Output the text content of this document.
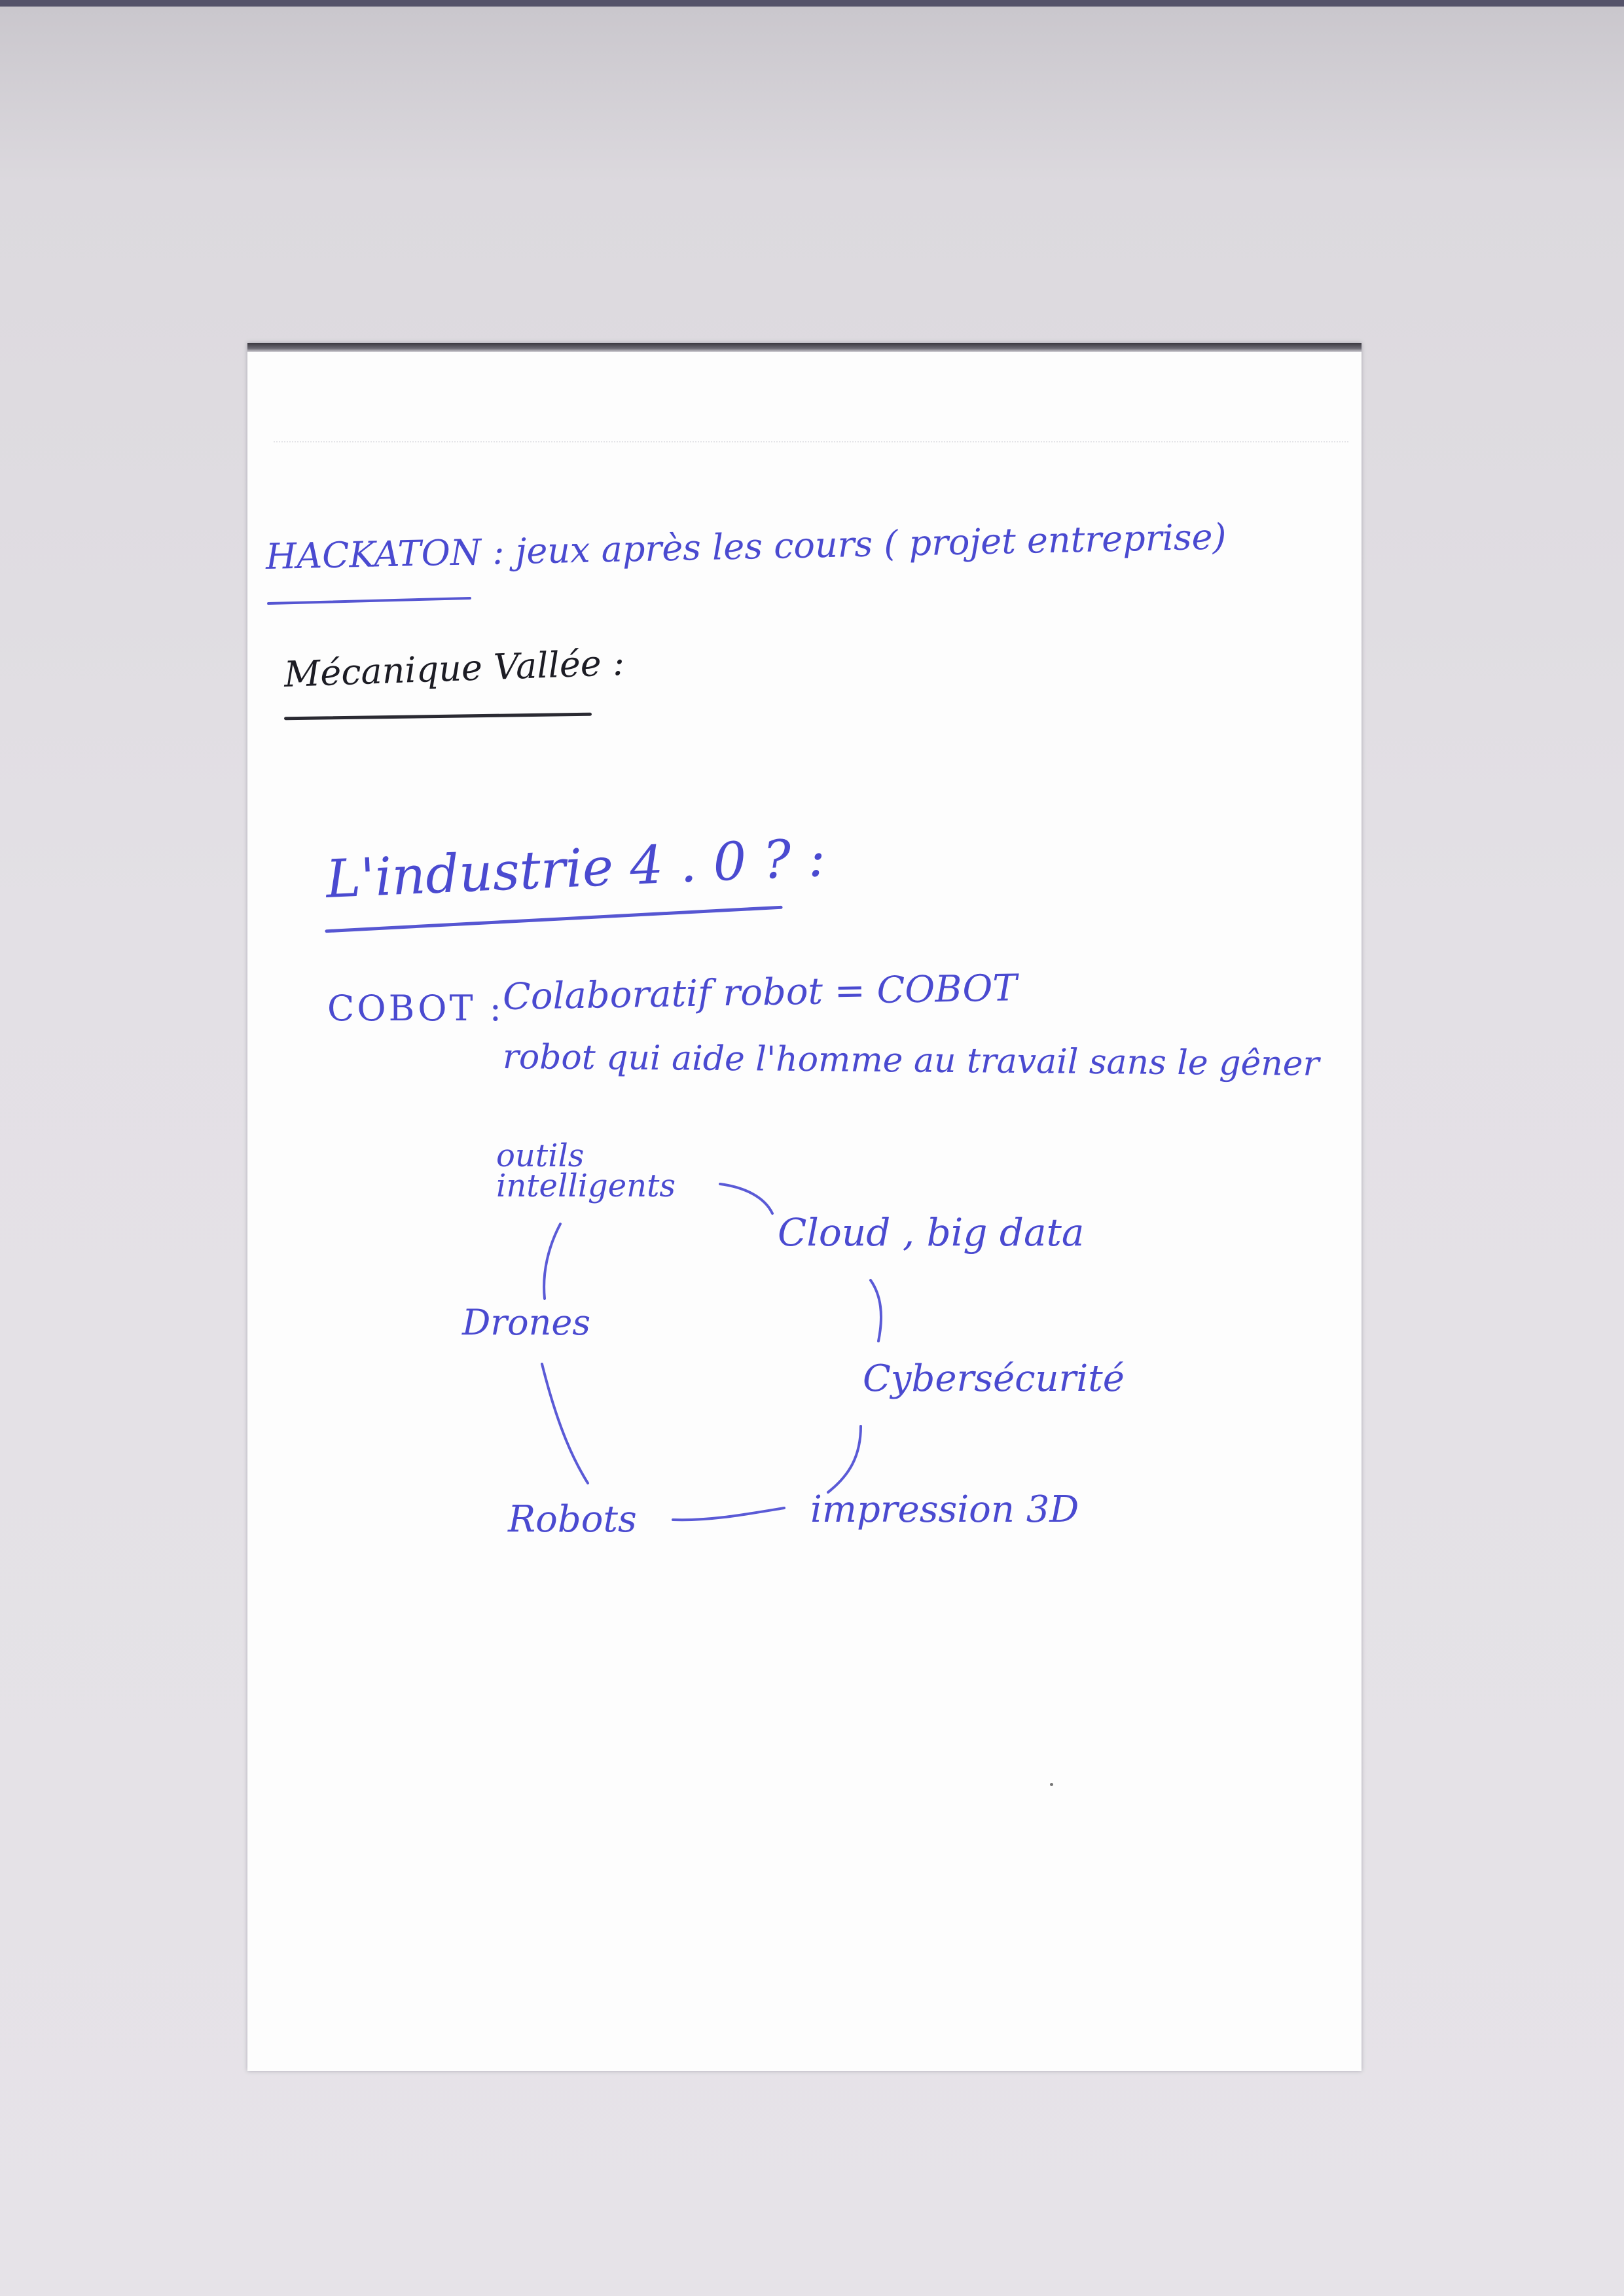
HACKATON : jeux après les cours ( projet entreprise)
Mécanique Vallée :
L'industrie 4 . 0 ? :
COBOT :
Colaboratif robot = COBOT
robot qui aide l'homme au travail sans le gêner
outils intelligents
Cloud , big data
Cybersécurité
impression 3D
Robots
Drones
